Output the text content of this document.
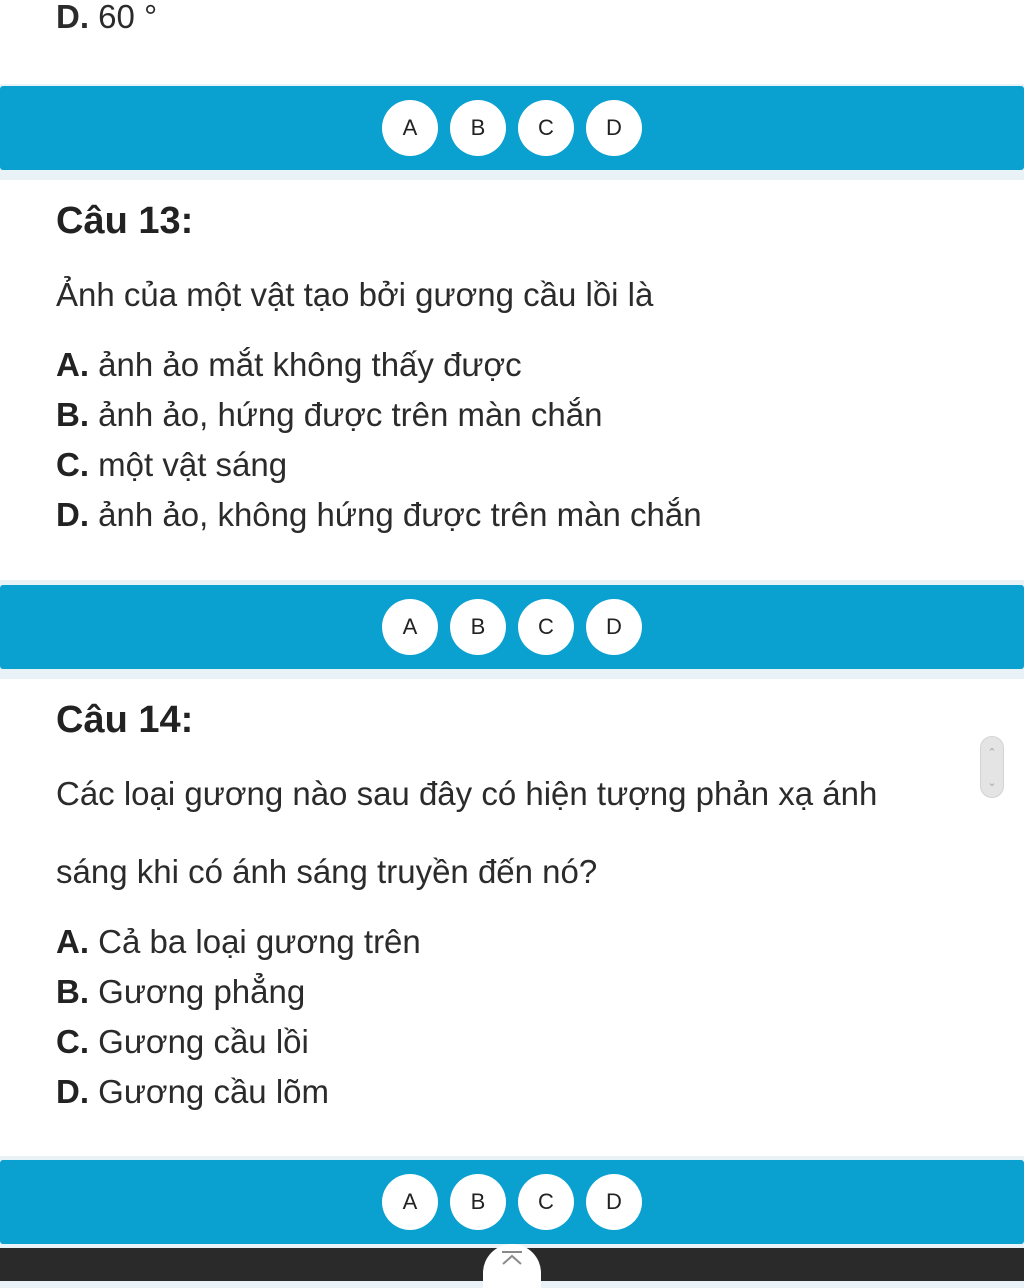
D. 60 °
A	B	C	D
Câu 13:
Ảnh của một vật tạo bởi gương cầu lồi là
A. ảnh ảo mắt không thấy được
B. ảnh ảo, hứng được trên màn chắn
C. một vật sáng
D. ảnh ảo, không hứng được trên màn chắn
A	B	C	D
Câu 14:
Các loại gương nào sau đây có hiện tượng phản xạ ánh
sáng khi có ánh sáng truyền đến nó?
A. Cả ba loại gương trên
B. Gương phẳng
C. Gương cầu lồi
D. Gương cầu lõm
⌃
⌄
A	B	C	D
